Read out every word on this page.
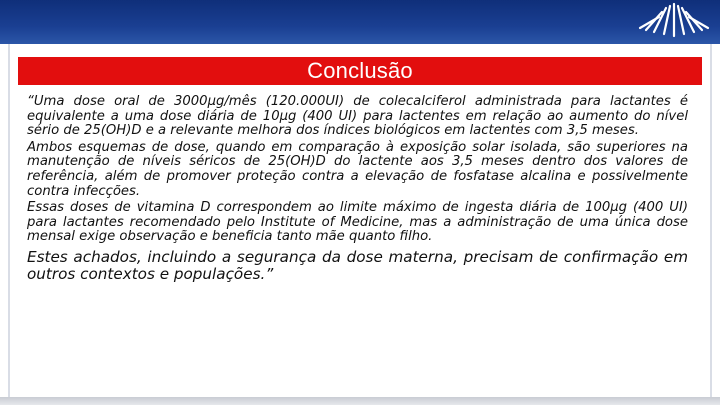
Conclusão

“Uma dose oral de 3000μg/mês (120.000UI) de colecalciferol administrada para lactantes é equivalente a uma dose diária de 10μg (400 UI) para lactentes em relação ao aumento do nível sério de 25(OH)D e a relevante melhora dos índices biológicos em lactentes com 3,5 meses.

Ambos esquemas de dose, quando em comparação à exposição solar isolada, são superiores na manutenção de níveis séricos de 25(OH)D do lactente aos 3,5 meses dentro dos valores de referência, além de promover proteção contra a elevação de fosfatase alcalina e possivelmente contra infecções.

Essas doses de vitamina D correspondem ao limite máximo de ingesta diária de 100μg (400 UI) para lactantes recomendado pelo Institute of Medicine, mas a administração de uma única dose mensal exige observação e beneficia tanto mãe quanto filho.

Estes achados, incluindo a segurança da dose materna, precisam de confirmação em outros contextos e populações.”
